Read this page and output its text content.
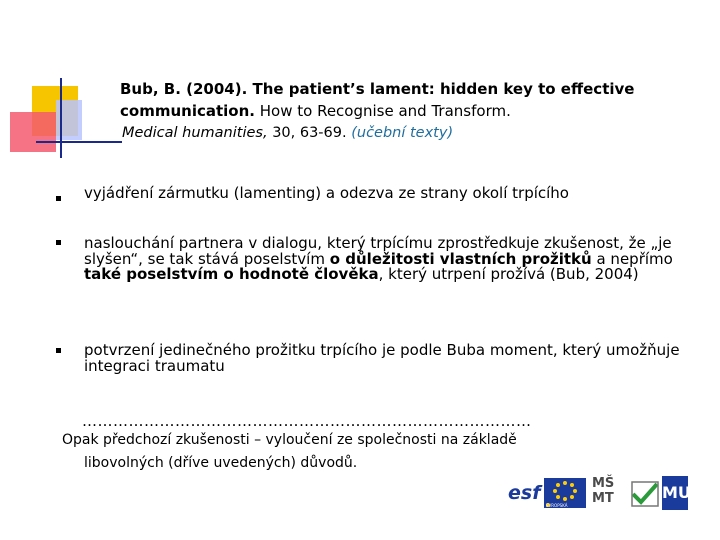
Bub, B. (2004). The patient’s lament: hidden key to effective
communication. How to Recognise and Transform.
Medical humanities, 30, 63-69. (učební texty)
vyjádření zármutku (lamenting) a odezva ze strany okolí trpícího
naslouchání partnera v dialogu, který trpícímu zprostředkuje zkušenost, že „je slyšen“, se tak stává poselstvím o důležitosti vlastních prožitků a nepřímo také poselstvím o hodnotě člověka, který utrpení prožívá (Bub, 2004)
potvrzení jedinečného prožitku trpícího je podle Buba moment, který umožňuje integraci traumatu
……………………………………………………………………………
Opak předchozí zkušenosti – vyloučení ze společnosti na základě
libovolných (dříve uvedených) důvodů.
esf
EVROPSKÁ UNIE
MŠ
MT	MU
